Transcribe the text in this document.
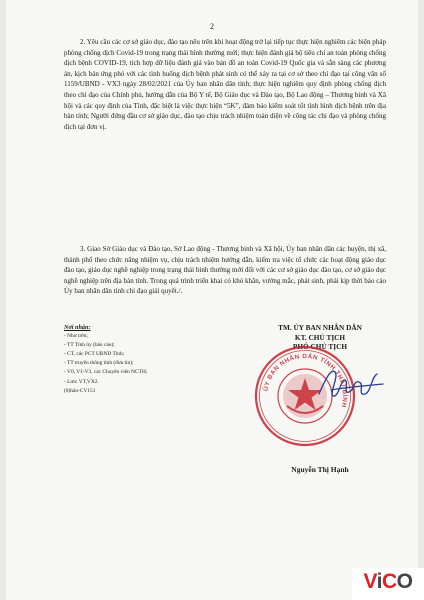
2

2. Yêu cầu các cơ sở giáo dục, đào tạo nêu trên khi hoạt động trở lại tiếp tục thực hiện nghiêm các biện pháp phòng chống dịch Covid-19 trong trạng thái bình thường mới; thực hiện đánh giá bộ tiêu chí an toàn phòng chống dịch bệnh COVID-19, tích hợp dữ liệu đánh giá vào bản đồ an toàn Covid-19 Quốc gia và sẵn sàng các phương án, kịch bản ứng phó với các tình huống dịch bệnh phát sinh có thể xảy ra tại cơ sở theo chỉ đạo tại công văn số 1159/UBND - VX3 ngày 28/02/2021 của Ủy ban nhân dân tỉnh; thực hiện nghiêm quy định phòng chống dịch theo chỉ đạo của Chính phủ, hướng dẫn của Bộ Y tế, Bộ Giáo dục và Đào tạo, Bộ Lao động – Thương binh và Xã hội và các quy định của Tỉnh, đặc biệt là việc thực hiện “5K”, đảm bảo kiểm soát tốt tình hình dịch bệnh trên địa bàn tỉnh; Người đứng đầu cơ sở giáo dục, đào tạo chịu trách nhiệm toàn diện về công tác chỉ đạo và phòng chống dịch tại đơn vị.

3. Giao Sở Giáo dục và Đào tạo, Sở Lao động - Thương binh và Xã hội, Ủy ban nhân dân các huyện, thị xã, thành phố theo chức năng nhiệm vụ, chịu trách nhiệm hướng dẫn, kiểm tra việc tổ chức các hoạt động giáo dục đào tạo, giáo dục nghề nghiệp trong trạng thái bình thường mới đối với các cơ sở giáo dục đào tạo, cơ sở giáo dục nghề nghiệp trên địa bàn tỉnh. Trong quá trình triển khai có khó khăn, vướng mắc, phát sinh, phải kịp thời báo cáo Ủy ban nhân dân tỉnh chỉ đạo giải quyết./.

Nơi nhận:
- Như trên;
- TT Tỉnh ủy (báo cáo);
- CT, các PCT UBND Tỉnh;
- TT truyền thông tỉnh (đưa tin);
- V0, V1-V3, các Chuyên viên NCTH;
- Lưu: VT,VX2.
(0)hân-CV151
TM. ỦY BAN NHÂN DÂN
KT. CHỦ TỊCH
PHÓ CHỦ TỊCH
ỦY BAN NHÂN DÂN TỈNH THÁI BÌNH
Nguyễn Thị Hạnh
ViCO
